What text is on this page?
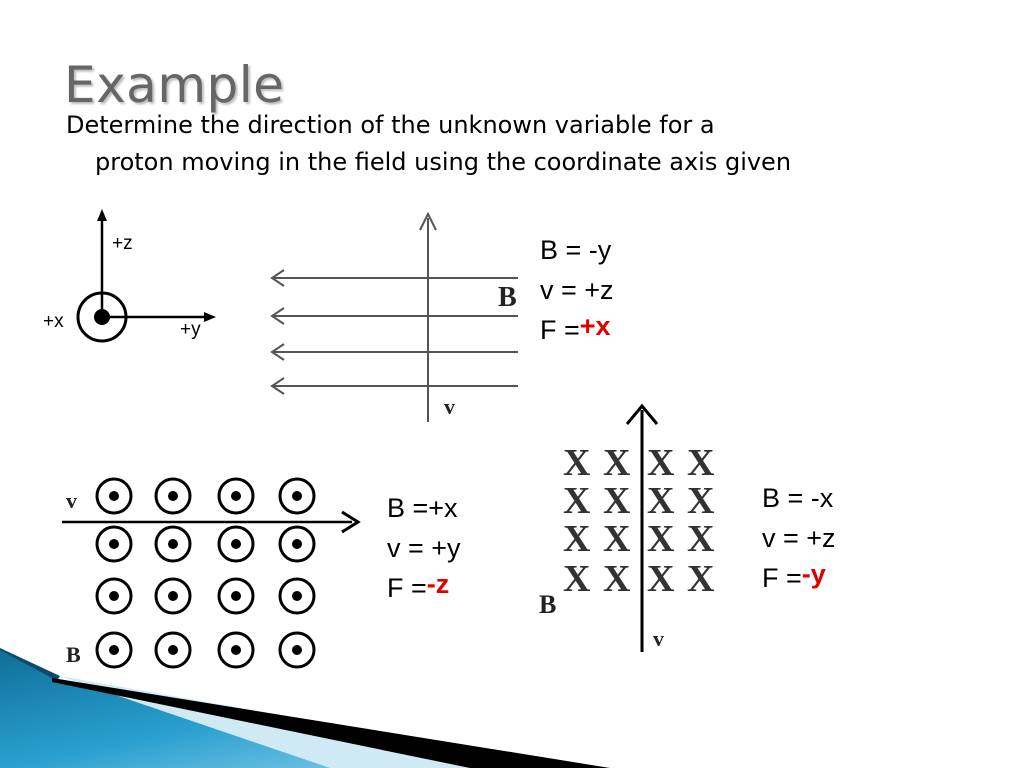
Example
Determine the direction of the unknown variable for a
proton moving in the field using the coordinate axis given
+z
+x	+y
B
v
B = -y
v = +z
F =+x
v
B
B =+x
v = +y
F =-z
X X X X
X X X X
X X X X
X X X X
B
v
B = -x
v = +z
F =-y
